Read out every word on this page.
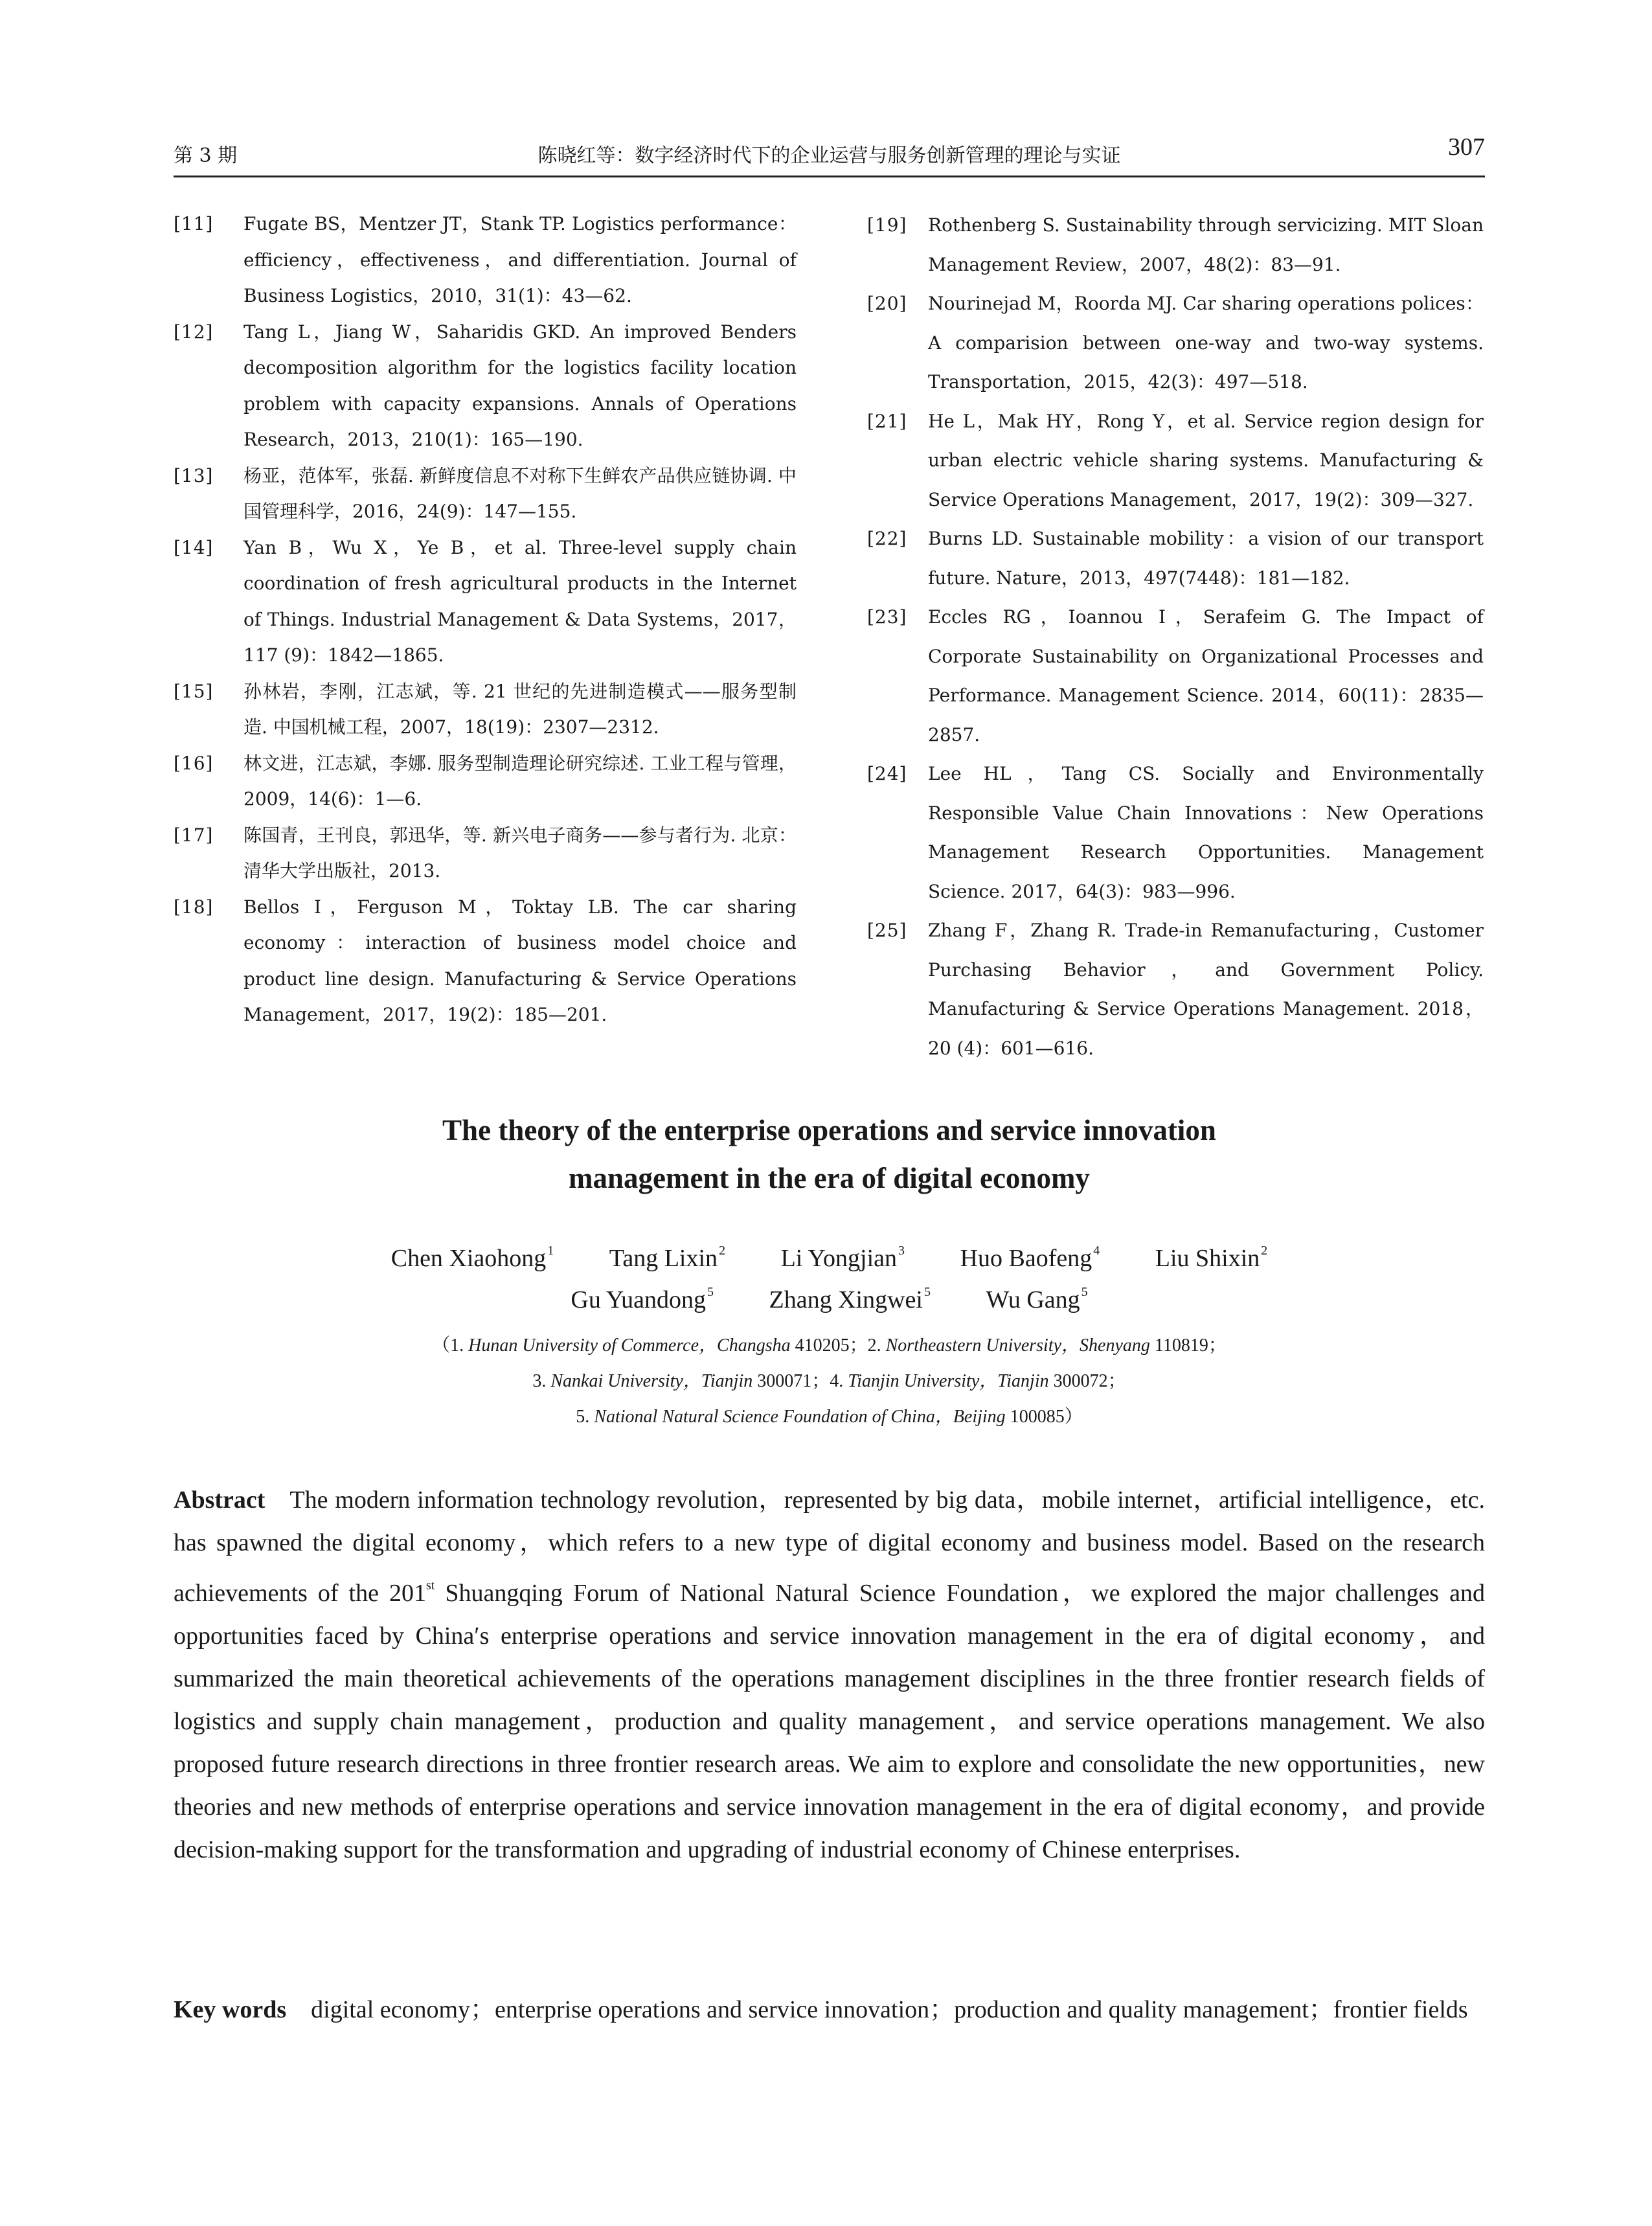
第 3 期	陈晓红等：数字经济时代下的企业运营与服务创新管理的理论与实证	307

[11] Fugate BS，Mentzer JT，Stank TP. Logistics performance：efficiency，effectiveness，and differentiation. Journal of Business Logistics，2010，31(1)：43—62.

[12] Tang L，Jiang W，Saharidis GKD. An improved Benders decomposition algorithm for the logistics facility location problem with capacity expansions. Annals of Operations Research，2013，210(1)：165—190.

[13] 杨亚，范体军，张磊. 新鲜度信息不对称下生鲜农产品供应链协调. 中国管理科学，2016，24(9)：147—155.

[14] Yan B，Wu X，Ye B，et al. Three-level supply chain coordination of fresh agricultural products in the Internet of Things. Industrial Management & Data Systems，2017，117 (9)：1842—1865.

[15] 孙林岩，李刚，江志斌，等. 21 世纪的先进制造模式——服务型制造. 中国机械工程，2007，18(19)：2307—2312.

[16] 林文进，江志斌，李娜. 服务型制造理论研究综述. 工业工程与管理，2009，14(6)：1—6.

[17] 陈国青，王刊良，郭迅华，等. 新兴电子商务——参与者行为. 北京：清华大学出版社，2013.

[18] Bellos I，Ferguson M，Toktay LB. The car sharing economy：interaction of business model choice and product line design. Manufacturing & Service Operations Management，2017，19(2)：185—201.

[19] Rothenberg S. Sustainability through servicizing. MIT Sloan Management Review，2007，48(2)：83—91.

[20] Nourinejad M，Roorda MJ. Car sharing operations polices：A comparision between one-way and two-way systems. Transportation，2015，42(3)：497—518.

[21] He L，Mak HY，Rong Y，et al. Service region design for urban electric vehicle sharing systems. Manufacturing & Service Operations Management，2017，19(2)：309—327.

[22] Burns LD. Sustainable mobility：a vision of our transport future. Nature，2013，497(7448)：181—182.

[23] Eccles RG，Ioannou I，Serafeim G. The Impact of Corporate Sustainability on Organizational Processes and Performance. Management Science. 2014，60(11)：2835—2857.

[24] Lee HL，Tang CS. Socially and Environmentally Responsible Value Chain Innovations：New Operations Management Research Opportunities. Management Science. 2017，64(3)：983—996.

[25] Zhang F，Zhang R. Trade-in Remanufacturing，Customer Purchasing Behavior，and Government Policy. Manufacturing & Service Operations Management. 2018，20 (4)：601—616.

The theory of the enterprise operations and service innovation
management in the era of digital economy
Chen Xiaohong $^1$ Tang Lixin $^2$ Li Yongjian $^3$ Huo Baofeng $^4$ Liu Shixin $^2$
Gu Yuandong $^5$ Zhang Xingwei $^5$ Wu Gang $^5$
（1. Hunan University of Commerce，Changsha 410205；2. Northeastern University，Shenyang 110819；
3. Nankai University，Tianjin 300071；4. Tianjin University，Tianjin 300072；
5. National Natural Science Foundation of China，Beijing 100085）

Abstract The modern information technology revolution，represented by big data，mobile internet，artificial intelligence，etc. has spawned the digital economy，which refers to a new type of digital economy and business model. Based on the research achievements of the 201st Shuangqing Forum of National Natural Science Foundation，we explored the major challenges and opportunities faced by China′s enterprise operations and service innovation management in the era of digital economy，and summarized the main theoretical achievements of the operations management disciplines in the three frontier research fields of logistics and supply chain management，production and quality management，and service operations management. We also proposed future research directions in three frontier research areas. We aim to explore and consolidate the new opportunities，new theories and new methods of enterprise operations and service innovation management in the era of digital economy，and provide decision-making support for the transformation and upgrading of industrial economy of Chinese enterprises.

Key words digital economy；enterprise operations and service innovation；production and quality management；frontier fields
